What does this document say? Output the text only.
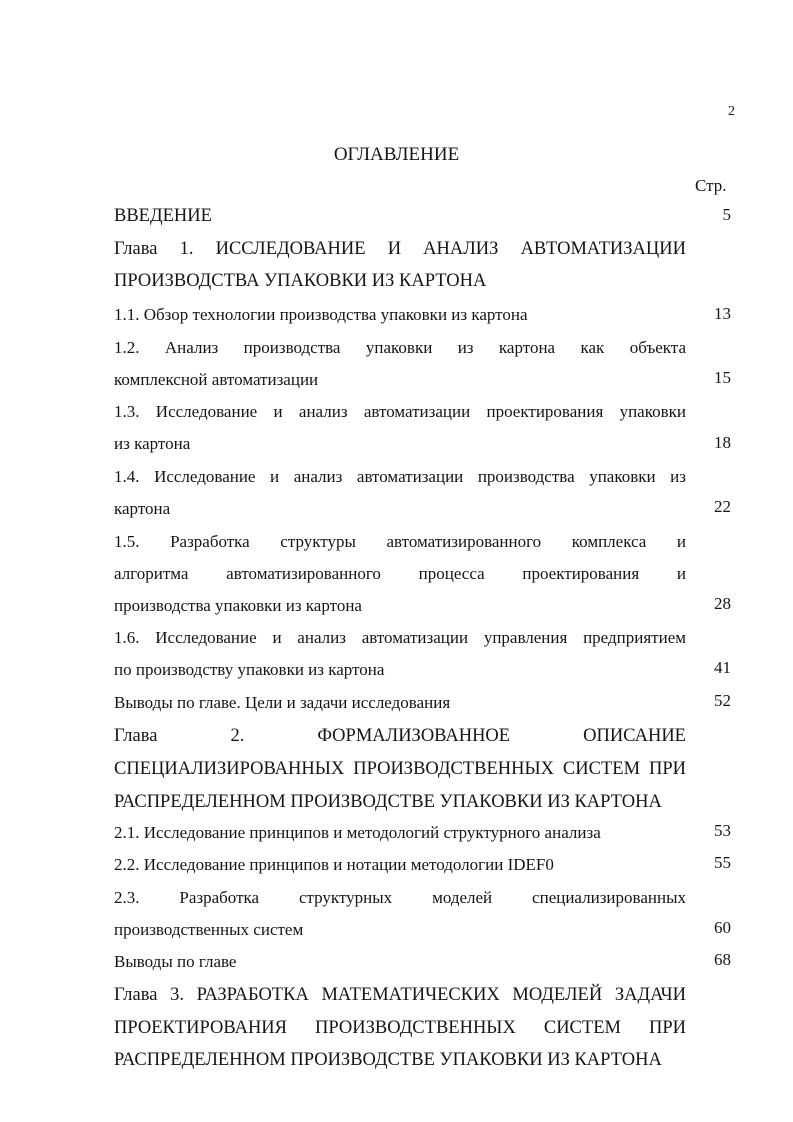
2
ОГЛАВЛЕНИЕ
Стр.
ВВЕДЕНИЕ	5
Глава 1. ИССЛЕДОВАНИЕ И АНАЛИЗ АВТОМАТИЗАЦИИ
ПРОИЗВОДСТВА УПАКОВКИ ИЗ КАРТОНА
1.1. Обзор технологии производства упаковки из картона	13
1.2. Анализ производства упаковки из картона как объекта
комплексной автоматизации	15
1.3. Исследование и анализ автоматизации проектирования упаковки
из картона	18
1.4. Исследование и анализ автоматизации производства упаковки из
картона	22
1.5. Разработка структуры автоматизированного комплекса и
алгоритма автоматизированного процесса проектирования и
производства упаковки из картона	28
1.6. Исследование и анализ автоматизации управления предприятием
по производству упаковки из картона	41
Выводы по главе. Цели и задачи исследования	52
Глава 2. ФОРМАЛИЗОВАННОЕ ОПИСАНИЕ
СПЕЦИАЛИЗИРОВАННЫХ ПРОИЗВОДСТВЕННЫХ СИСТЕМ ПРИ
РАСПРЕДЕЛЕННОМ ПРОИЗВОДСТВЕ УПАКОВКИ ИЗ КАРТОНА
2.1. Исследование принципов и методологий структурного анализа	53
2.2. Исследование принципов и нотации методологии IDEF0	55
2.3. Разработка структурных моделей специализированных
производственных систем	60
Выводы по главе	68
Глава 3. РАЗРАБОТКА МАТЕМАТИЧЕСКИХ МОДЕЛЕЙ ЗАДАЧИ
ПРОЕКТИРОВАНИЯ ПРОИЗВОДСТВЕННЫХ СИСТЕМ ПРИ
РАСПРЕДЕЛЕННОМ ПРОИЗВОДСТВЕ УПАКОВКИ ИЗ КАРТОНА
